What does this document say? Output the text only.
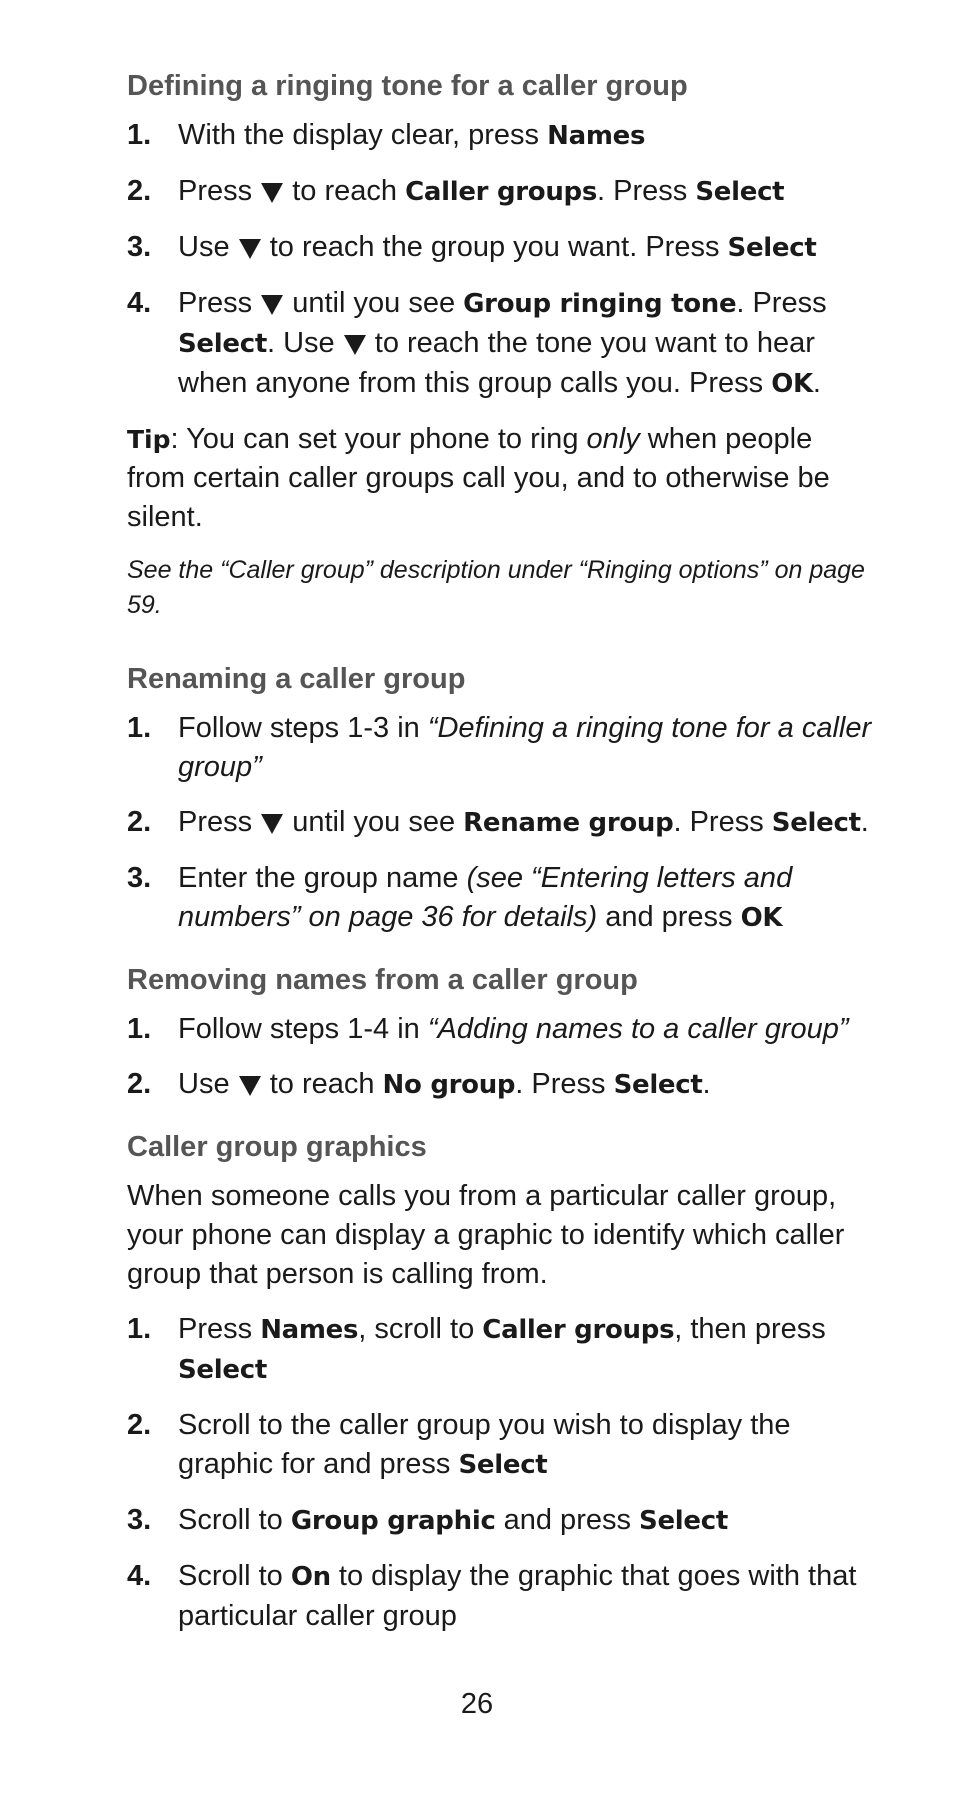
Defining a ringing tone for a caller group
1. With the display clear, press Names
2. Press  to reach Caller groups. Press Select
3. Use  to reach the group you want. Press Select
4. Press  until you see Group ringing tone. Press Select. Use  to reach the tone you want to hear when anyone from this group calls you. Press OK.

Tip: You can set your phone to ring only when people from certain caller groups call you, and to otherwise be silent.

See the “Caller group” description under “Ringing options” on page 59.

Renaming a caller group
1. Follow steps 1-3 in “Defining a ringing tone for a caller group”
2. Press  until you see Rename group. Press Select.
3. Enter the group name (see “Entering letters and numbers” on page 36 for details) and press OK
Removing names from a caller group
1. Follow steps 1-4 in “Adding names to a caller group”
2. Use  to reach No group. Press Select.
Caller group graphics

When someone calls you from a particular caller group, your phone can display a graphic to identify which caller group that person is calling from.

1. Press Names, scroll to Caller groups, then press Select
2. Scroll to the caller group you wish to display the graphic for and press Select
3. Scroll to Group graphic and press Select
4. Scroll to On to display the graphic that goes with that particular caller group
26
